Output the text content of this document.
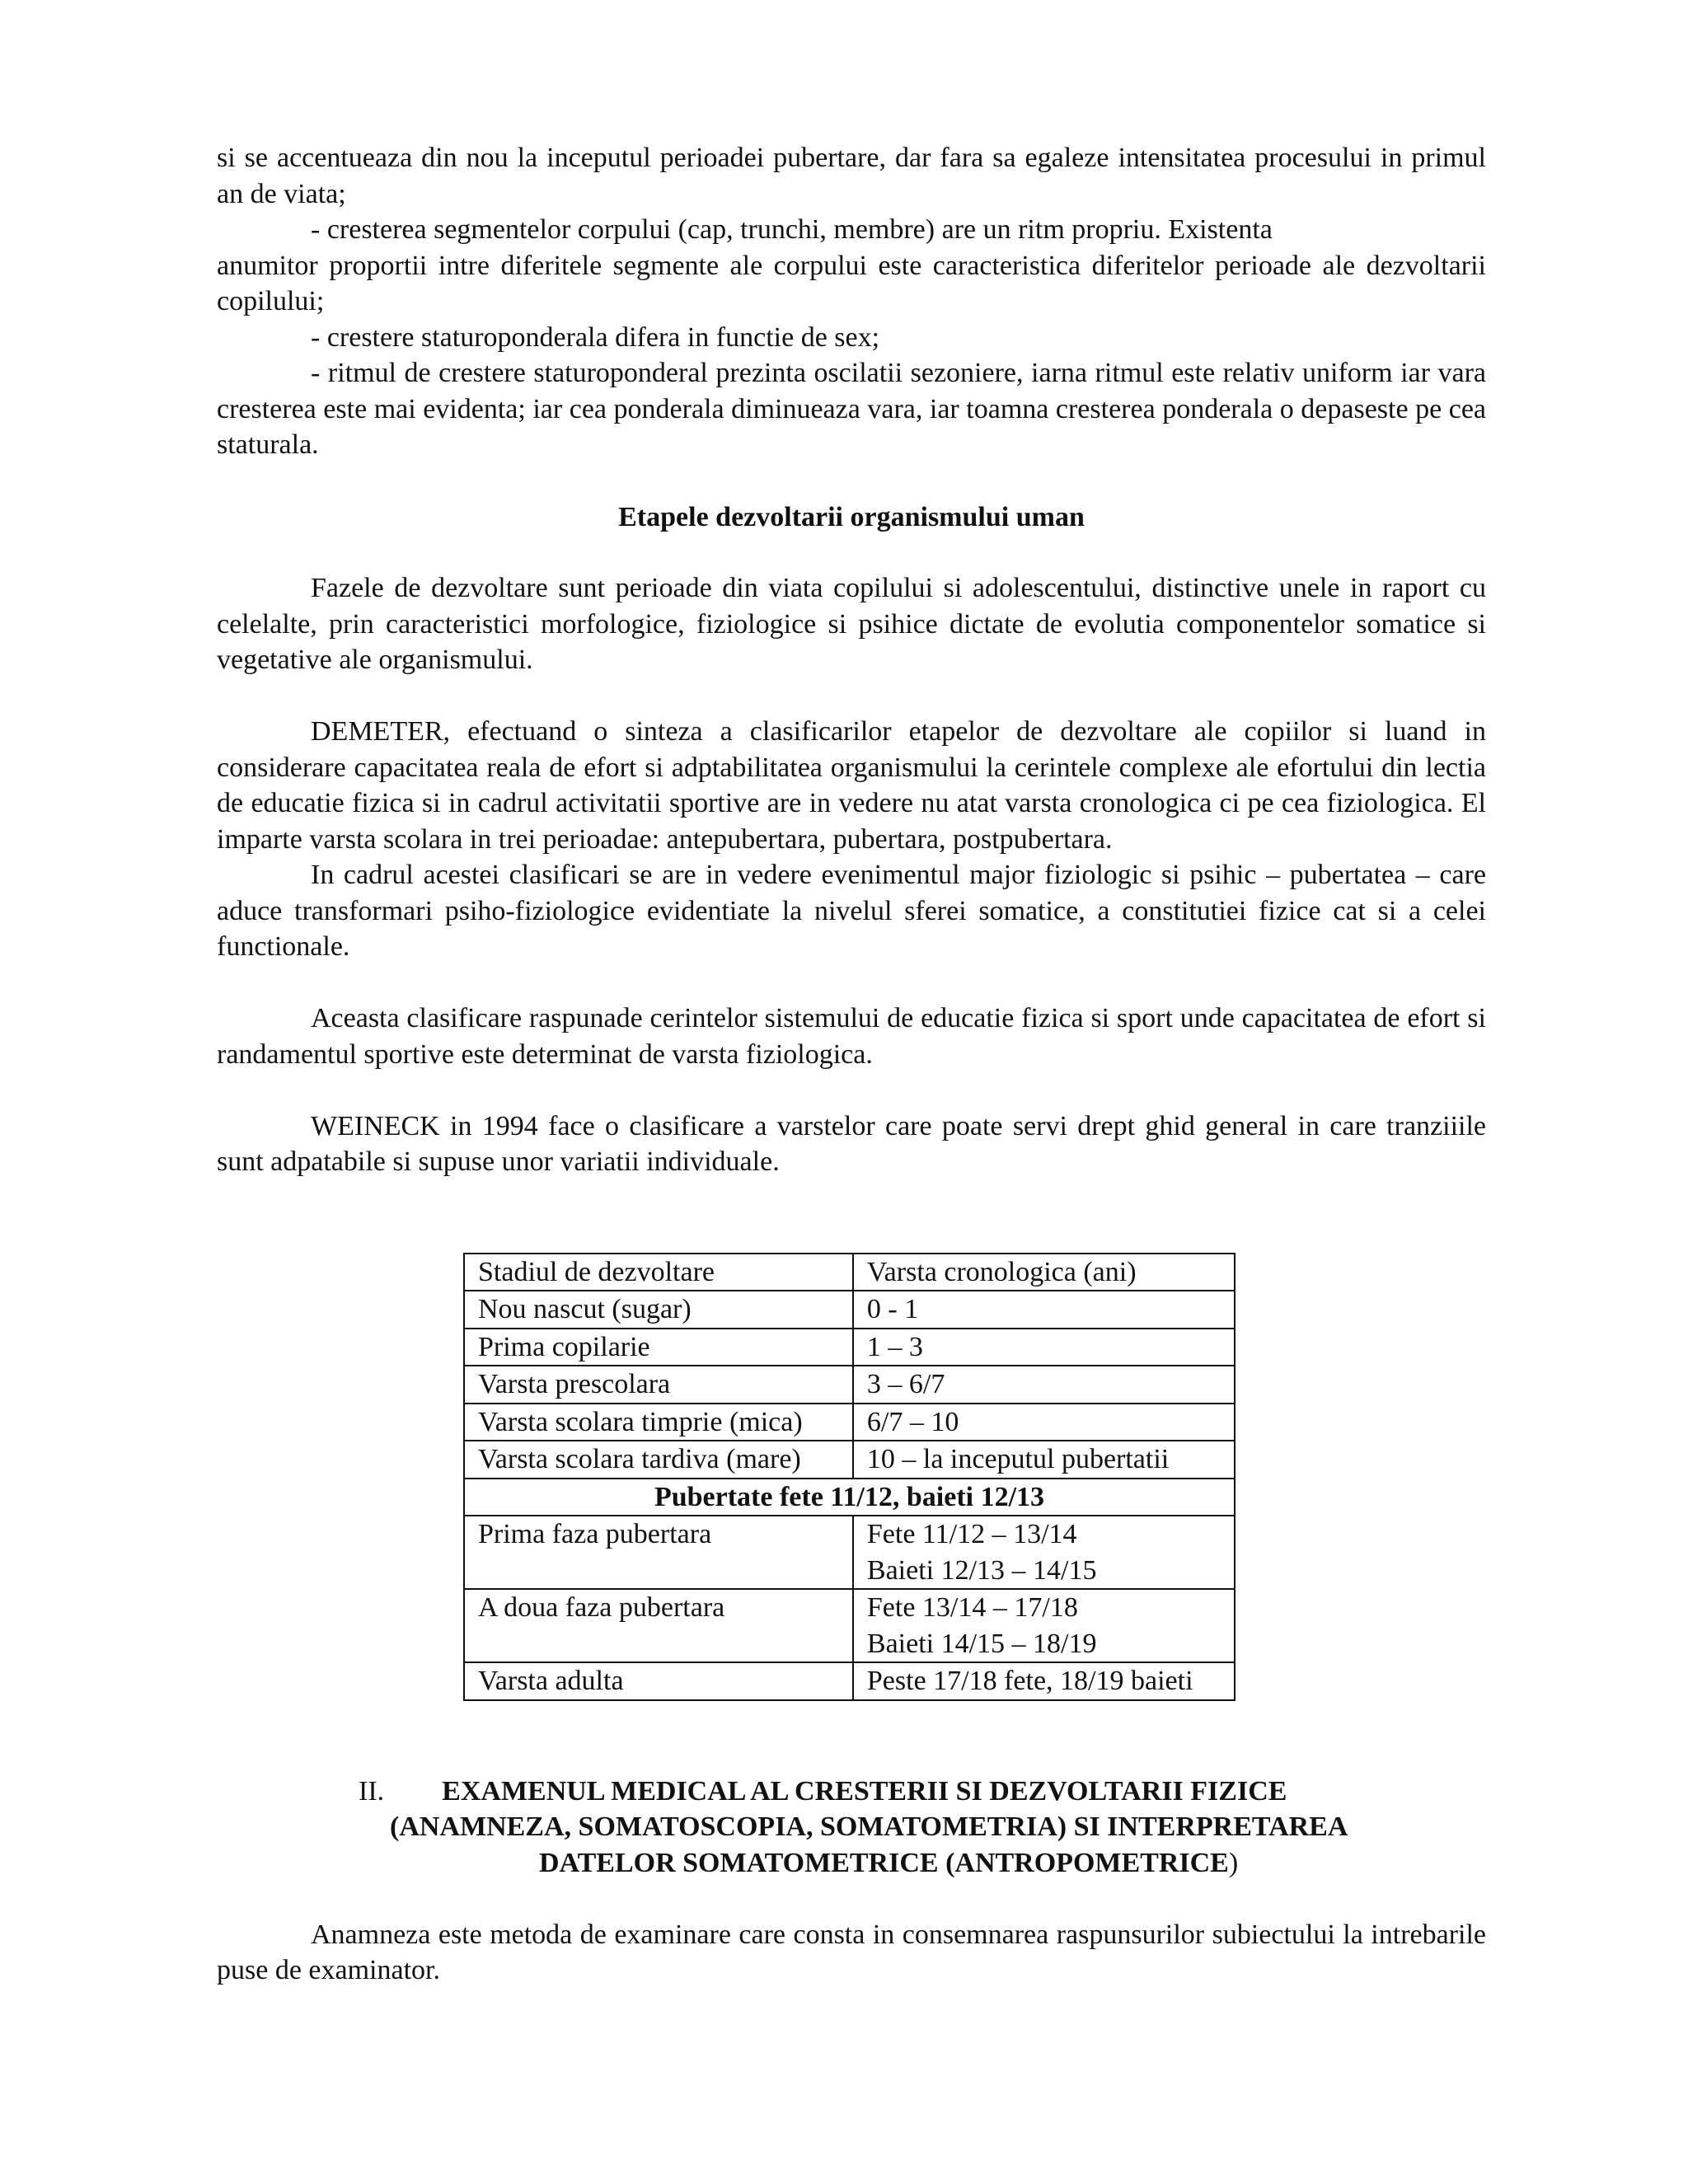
si se accentueaza din nou la inceputul perioadei pubertare, dar fara sa egaleze intensitatea procesului in primul an de viata;

- cresterea segmentelor corpului (cap, trunchi, membre) are un ritm propriu. Existenta

anumitor proportii intre diferitele segmente ale corpului este caracteristica diferitelor perioade ale dezvoltarii copilului;

- crestere staturoponderala difera in functie de sex;

- ritmul de crestere staturoponderal prezinta oscilatii sezoniere, iarna ritmul este relativ uniform iar vara cresterea este mai evidenta; iar cea ponderala diminueaza vara, iar toamna cresterea ponderala o depaseste pe cea staturala.

Etapele dezvoltarii organismului uman

Fazele de dezvoltare sunt perioade din viata copilului si adolescentului, distinctive unele in raport cu celelalte, prin caracteristici morfologice, fiziologice si psihice dictate de evolutia componentelor somatice si vegetative ale organismului.

DEMETER, efectuand o sinteza a clasificarilor etapelor de dezvoltare ale copiilor si luand in considerare capacitatea reala de efort si adptabilitatea organismului la cerintele complexe ale efortului din lectia de educatie fizica si in cadrul activitatii sportive are in vedere nu atat varsta cronologica ci pe cea fiziologica. El imparte varsta scolara in trei perioadae: antepubertara, pubertara, postpubertara.

In cadrul acestei clasificari se are in vedere evenimentul major fiziologic si psihic – pubertatea – care aduce transformari psiho-fiziologice evidentiate la nivelul sferei somatice, a constitutiei fizice cat si a celei functionale.

Aceasta clasificare raspunade cerintelor sistemului de educatie fizica si sport unde capacitatea de efort si randamentul sportive este determinat de varsta fiziologica.

WEINECK in 1994 face o clasificare a varstelor care poate servi drept ghid general in care tranziiile sunt adpatabile si supuse unor variatii individuale.

Stadiul de dezvoltare	Varsta cronologica (ani)
Nou nascut (sugar)	0 - 1
Prima copilarie	1 – 3
Varsta prescolara	3 – 6/7
Varsta scolara timprie (mica)	6/7 – 10
Varsta scolara tardiva (mare)	10 – la inceputul pubertatii
Pubertate fete 11/12, baieti 12/13	
Prima faza pubertara	Fete 11/12 – 13/14
Baieti 12/13 – 14/15

A doua faza pubertara	Fete 13/14 – 17/18
Baieti 14/15 – 18/19

Varsta adulta	Peste 17/18 fete, 18/19 baieti
II. EXAMENUL MEDICAL AL CRESTERII SI DEZVOLTARII FIZICE
(ANAMNEZA, SOMATOSCOPIA, SOMATOMETRIA) SI INTERPRETAREA
DATELOR SOMATOMETRICE (ANTROPOMETRICE)

Anamneza este metoda de examinare care consta in consemnarea raspunsurilor subiectului la intrebarile puse de examinator.
